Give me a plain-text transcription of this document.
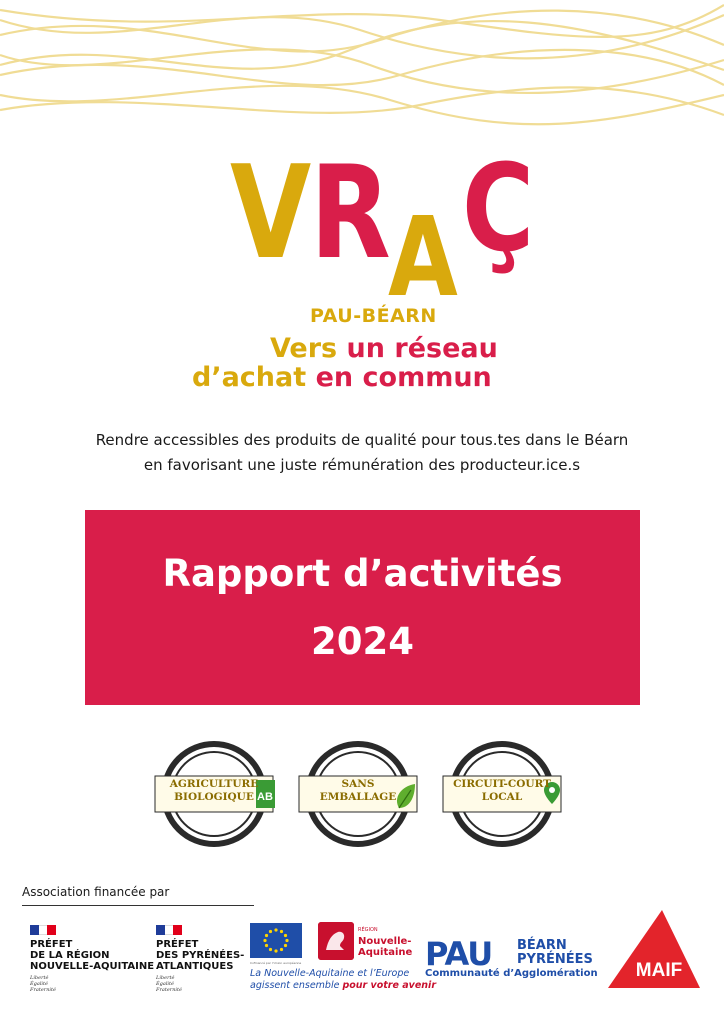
V
R
A Ç
PAU-BÉARN
Vers un réseau
d’achat en commun
Rendre accessibles des produits de qualité pour tous.tes dans le Béarn
en favorisant une juste rémunération des producteur.ice.s
Rapport d’activités
2024
AB
AGRICULTURE
BIOLOGIQUE
SANS
EMBALLAGE
CIRCUIT-COURT
LOCAL
Association financée par
PRÉFET
DE LA RÉGION
NOUVELLE-AQUITAINE
Liberté
Égalité
Fraternité
PRÉFET
DES PYRÉNÉES-
ATLANTIQUES
Liberté
Égalité
Fraternité
Cofinancé par l’Union européenne
RÉGION
Nouvelle-
Aquitaine
La Nouvelle-Aquitaine et l’Europe
agissent ensemble pour votre avenir
PAU BÉARN
PYRÉNÉES
Communauté d’Agglomération MAIF
